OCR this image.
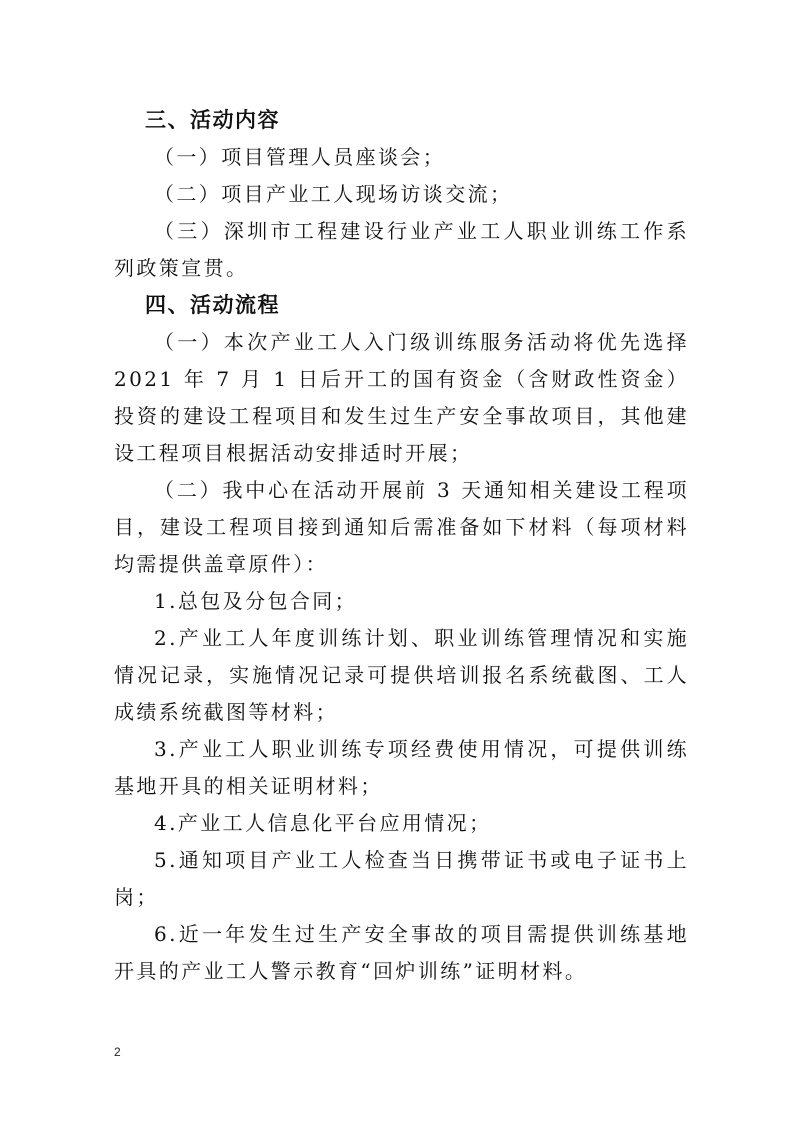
三、活动内容

（一）项目管理人员座谈会；

（二）项目产业工人现场访谈交流；

（三）深圳市工程建设行业产业工人职业训练工作系列政策宣贯。

四、活动流程

（一）本次产业工人入门级训练服务活动将优先选择 2021 年 7 月 1 日后开工的国有资金（含财政性资金）投资的建设工程项目和发生过生产安全事故项目，其他建设工程项目根据活动安排适时开展；

（二）我中心在活动开展前 3 天通知相关建设工程项目，建设工程项目接到通知后需准备如下材料（每项材料均需提供盖章原件）：

1.总包及分包合同；

2.产业工人年度训练计划、职业训练管理情况和实施情况记录，实施情况记录可提供培训报名系统截图、工人成绩系统截图等材料；

3.产业工人职业训练专项经费使用情况，可提供训练基地开具的相关证明材料；

4.产业工人信息化平台应用情况；

5.通知项目产业工人检查当日携带证书或电子证书上岗；

6.近一年发生过生产安全事故的项目需提供训练基地开具的产业工人警示教育“回炉训练”证明材料。

2
